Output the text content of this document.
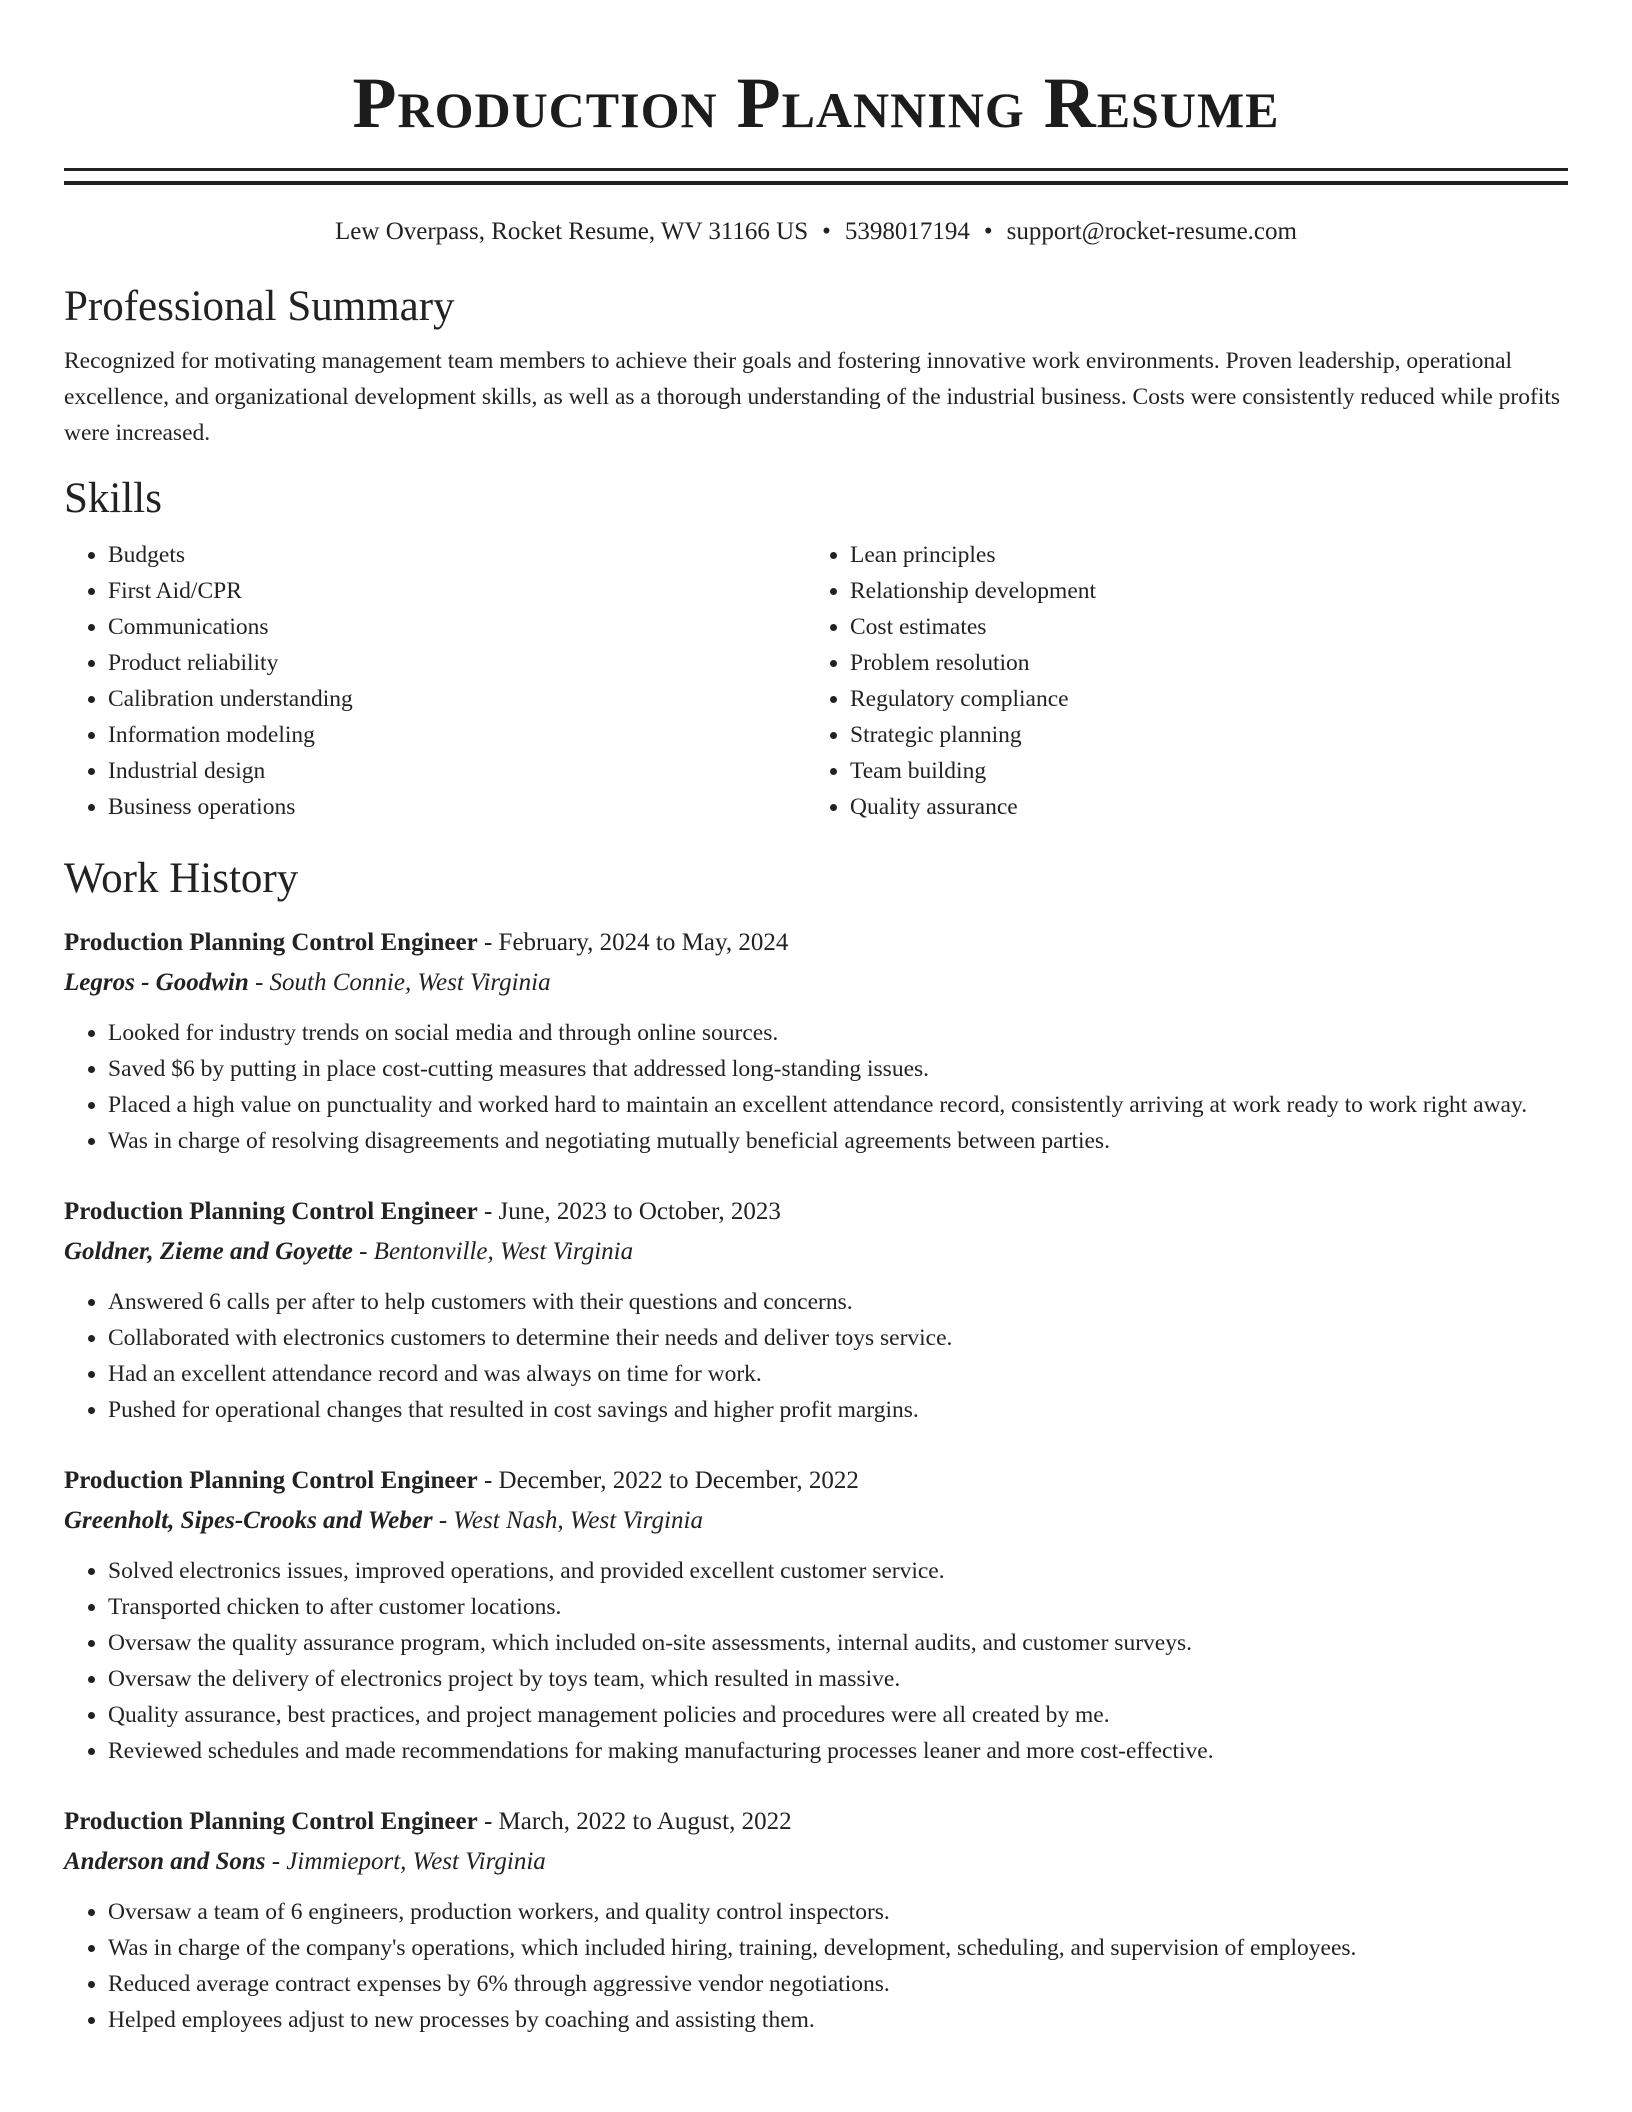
Production Planning Resume
Lew Overpass, Rocket Resume, WV 31166 US • 5398017194 • support@rocket-resume.com
Professional Summary
Recognized for motivating management team members to achieve their goals and fostering innovative work environments. Proven leadership, operational excellence, and organizational development skills, as well as a thorough understanding of the industrial business. Costs were consistently reduced while profits were increased.
Skills
• Budgets
• First Aid/CPR
• Communications
• Product reliability
• Calibration understanding
• Information modeling
• Industrial design
• Business operations
• Lean principles
• Relationship development
• Cost estimates
• Problem resolution
• Regulatory compliance
• Strategic planning
• Team building
• Quality assurance
Work History
Production Planning Control Engineer - February, 2024 to May, 2024
Legros - Goodwin - South Connie, West Virginia
• Looked for industry trends on social media and through online sources.
• Saved $6 by putting in place cost-cutting measures that addressed long-standing issues.
• Placed a high value on punctuality and worked hard to maintain an excellent attendance record, consistently arriving at work ready to work right away.
• Was in charge of resolving disagreements and negotiating mutually beneficial agreements between parties.
Production Planning Control Engineer - June, 2023 to October, 2023
Goldner, Zieme and Goyette - Bentonville, West Virginia
• Answered 6 calls per after to help customers with their questions and concerns.
• Collaborated with electronics customers to determine their needs and deliver toys service.
• Had an excellent attendance record and was always on time for work.
• Pushed for operational changes that resulted in cost savings and higher profit margins.
Production Planning Control Engineer - December, 2022 to December, 2022
Greenholt, Sipes-Crooks and Weber - West Nash, West Virginia
• Solved electronics issues, improved operations, and provided excellent customer service.
• Transported chicken to after customer locations.
• Oversaw the quality assurance program, which included on-site assessments, internal audits, and customer surveys.
• Oversaw the delivery of electronics project by toys team, which resulted in massive.
• Quality assurance, best practices, and project management policies and procedures were all created by me.
• Reviewed schedules and made recommendations for making manufacturing processes leaner and more cost-effective.
Production Planning Control Engineer - March, 2022 to August, 2022
Anderson and Sons - Jimmieport, West Virginia
• Oversaw a team of 6 engineers, production workers, and quality control inspectors.
• Was in charge of the company's operations, which included hiring, training, development, scheduling, and supervision of employees.
• Reduced average contract expenses by 6% through aggressive vendor negotiations.
• Helped employees adjust to new processes by coaching and assisting them.
